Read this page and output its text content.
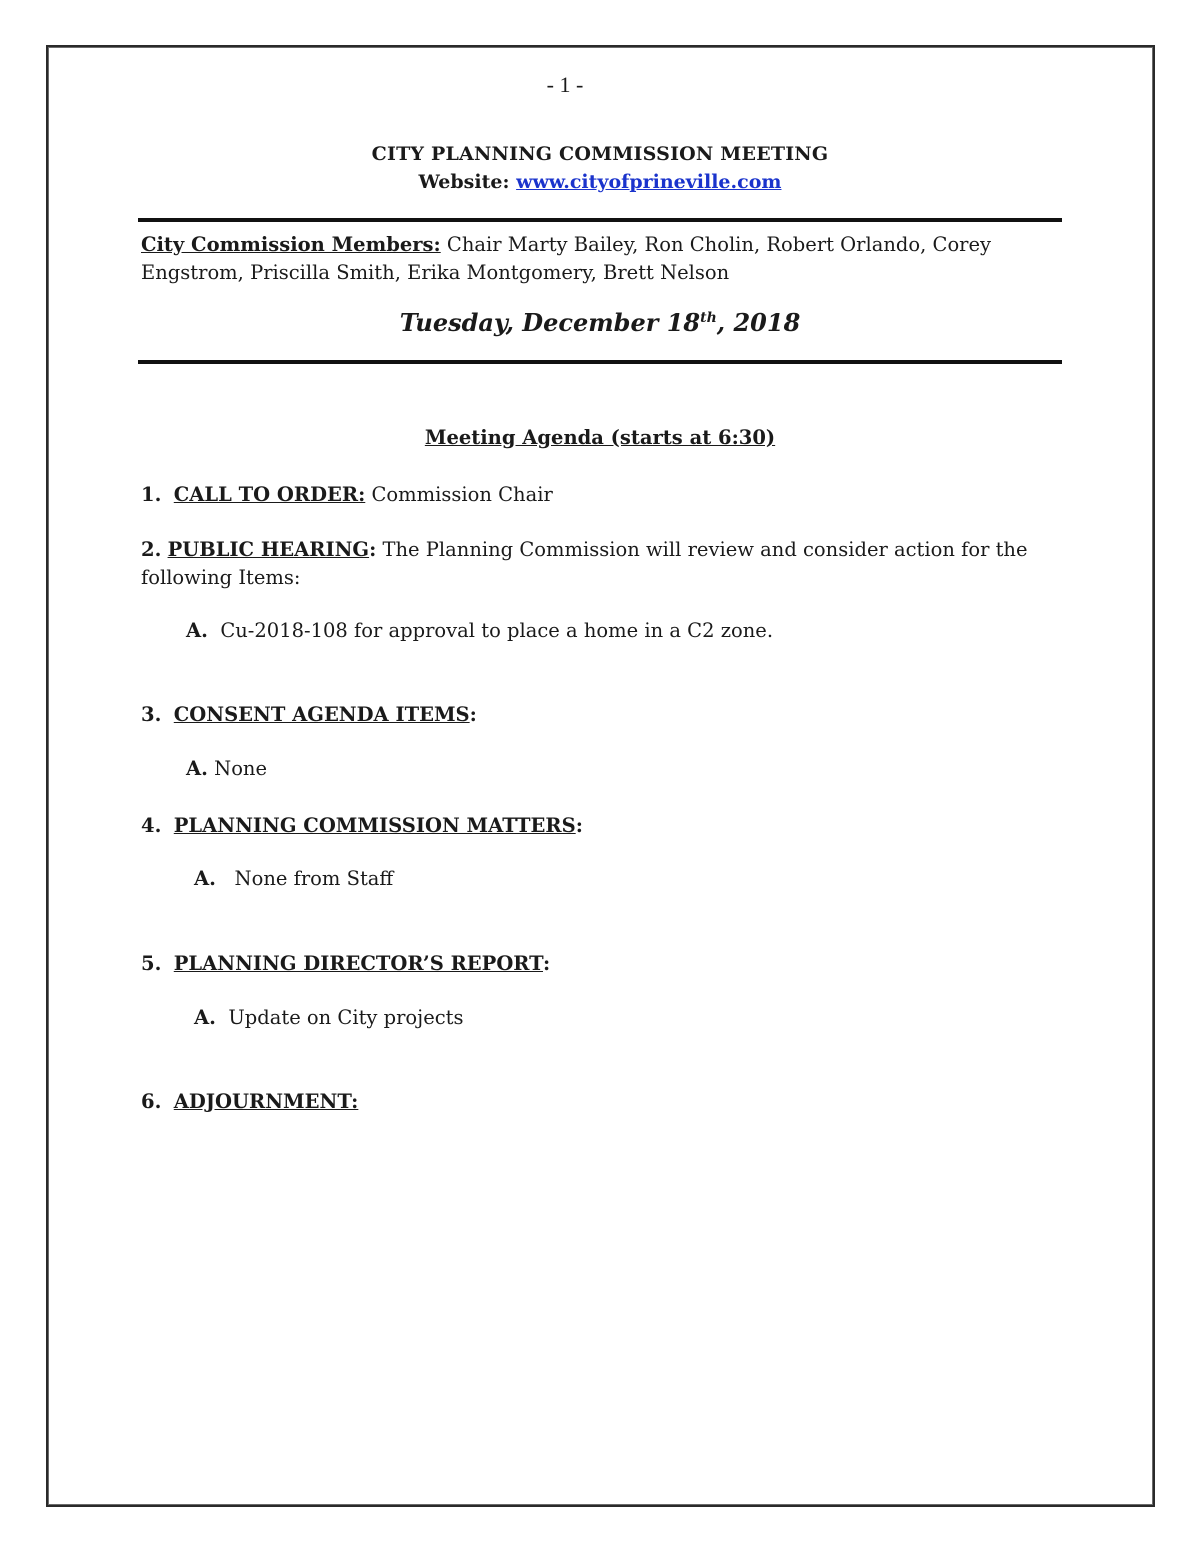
- 1 -
CITY PLANNING COMMISSION MEETING
Website: www.cityofprineville.com
City Commission Members: Chair Marty Bailey, Ron Cholin, Robert Orlando, Corey Engstrom, Priscilla Smith, Erika Montgomery, Brett Nelson
Tuesday, December 18th, 2018
Meeting Agenda (starts at 6:30)
1. CALL TO ORDER: Commission Chair
2. PUBLIC HEARING: The Planning Commission will review and consider action for the following Items:
A. Cu-2018-108 for approval to place a home in a C2 zone.
3. CONSENT AGENDA ITEMS:
A. None
4. PLANNING COMMISSION MATTERS:
A. None from Staff
5. PLANNING DIRECTOR’S REPORT:
A. Update on City projects
6. ADJOURNMENT:
